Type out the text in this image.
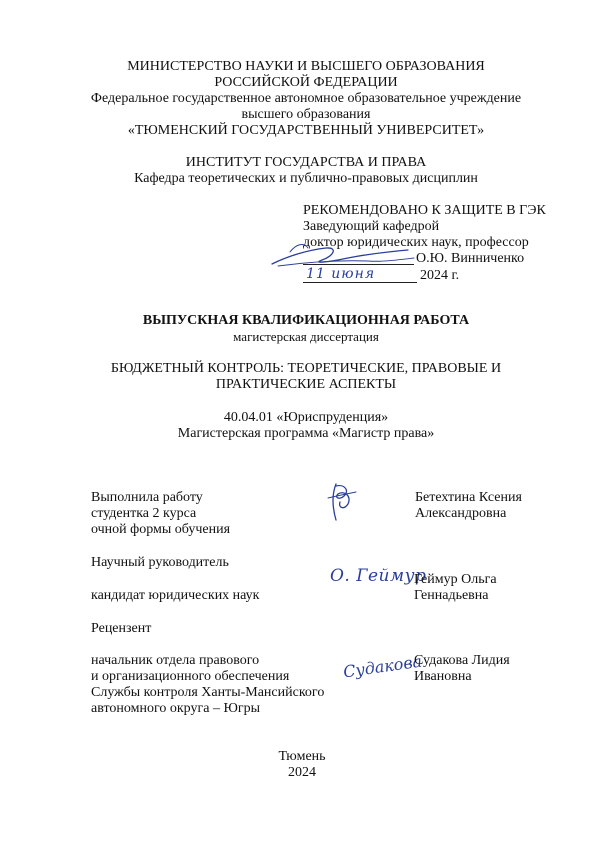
МИНИСТЕРСТВО НАУКИ И ВЫСШЕГО ОБРАЗОВАНИЯ
РОССИЙСКОЙ ФЕДЕРАЦИИ
Федеральное государственное автономное образовательное учреждение
высшего образования
«ТЮМЕНСКИЙ ГОСУДАРСТВЕННЫЙ УНИВЕРСИТЕТ»
ИНСТИТУТ ГОСУДАРСТВА И ПРАВА
Кафедра теоретических и публично-правовых дисциплин
РЕКОМЕНДОВАНО К ЗАЩИТЕ В ГЭК
Заведующий кафедрой
доктор юридических наук, профессор
О.Ю. Винниченко
11 июня	2024 г.
ВЫПУСКНАЯ КВАЛИФИКАЦИОННАЯ РАБОТА
магистерская диссертация
БЮДЖЕТНЫЙ КОНТРОЛЬ: ТЕОРЕТИЧЕСКИЕ, ПРАВОВЫЕ И
ПРАКТИЧЕСКИЕ АСПЕКТЫ
40.04.01 «Юриспруденция»
Магистерская программа «Магистр права»
Выполнила работу
студентка 2 курса
очной формы обучения
Бетехтина Ксения
Александровна
Научный руководитель
кандидат юридических наук
О. Геймур
Геймур Ольга
Геннадьевна
Рецензент
начальник отдела правового
и организационного обеспечения
Службы контроля Ханты-Мансийского
автономного округа – Югры
Судакова
Судакова Лидия
Ивановна
Тюмень
2024
